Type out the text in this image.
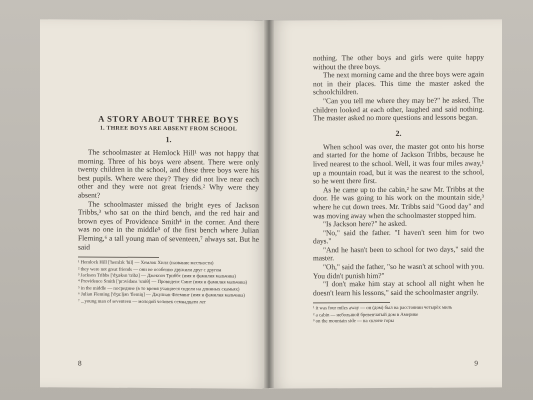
A STORY ABOUT THREE BOYS
1. THREE BOYS ARE ABSENT FROM SCHOOL
1.

The schoolmaster at Hemlock Hill¹ was not happy that morning. Three of his boys were absent. There were only twenty children in the school, and these three boys were his best pupils. Where were they? They did not live near each other and they were not great friends.² Why were they absent?

The schoolmaster missed the bright eyes of Jackson Tribbs,³ who sat on the third bench, and the red hair and brown eyes of Providence Smith⁴ in the corner. And there was no one in the middle⁵ of the first bench where Julian Fleming,⁶ a tall young man of seventeen,⁷ always sat. But he said

¹ Hemlock Hill ['hemlɔk 'hil] — Хемлок Хилл (название местности)
² they were not great friends — они не особенно дружили друг с другом
³ Jackson Tribbs ['dʒæksn 'tribz] — Джексон Триббс (имя и фамилия мальчика)
⁴ Providence Smith ['prɔvidəns 'smiθ] — Провиденс Смит (имя и фамилия мальчика)
⁵ in the middle — посредине (в то время учащиеся сидели на длинных скамьях)
⁶ Julian Fleming ['dʒu:ljən 'flemiŋ] — Джулиан Флеминг (имя и фамилия мальчика)
⁷ ...young man of seventeen — молодой человек семнадцати лет
8

nothing. The other boys and girls were quite happy without the three boys.

The next morning came and the three boys were again not in their places. This time the master asked the schoolchildren.

"Can you tell me where they may be?" he asked. The children looked at each other, laughed and said nothing. The master asked no more questions and lessons began.

2.

When school was over, the master got onto his horse and started for the home of Jackson Tribbs, because he lived nearest to the school. Well, it was four miles away,¹ up a mountain road, but it was the nearest to the school, so he went there first.

As he came up to the cabin,² he saw Mr. Tribbs at the door. He was going to his work on the mountain side,³ where he cut down trees. Mr. Tribbs said "Good day" and was moving away when the schoolmaster stopped him.

"Is Jackson here?" he asked.

"No," said the father. "I haven't seen him for two days."

"And he hasn't been to school for two days," said the master.

"Oh," said the father, "so he wasn't at school with you. You didn't punish him?"

"I don't make him stay at school all night when he doesn't learn his lessons," said the schoolmaster angrily.

¹ it was four miles away — он (дом) был на расстоянии четырёх миль
² a cabin — небольшой бревенчатый дом в Америке
³ on the mountain side — на склоне горы
9
